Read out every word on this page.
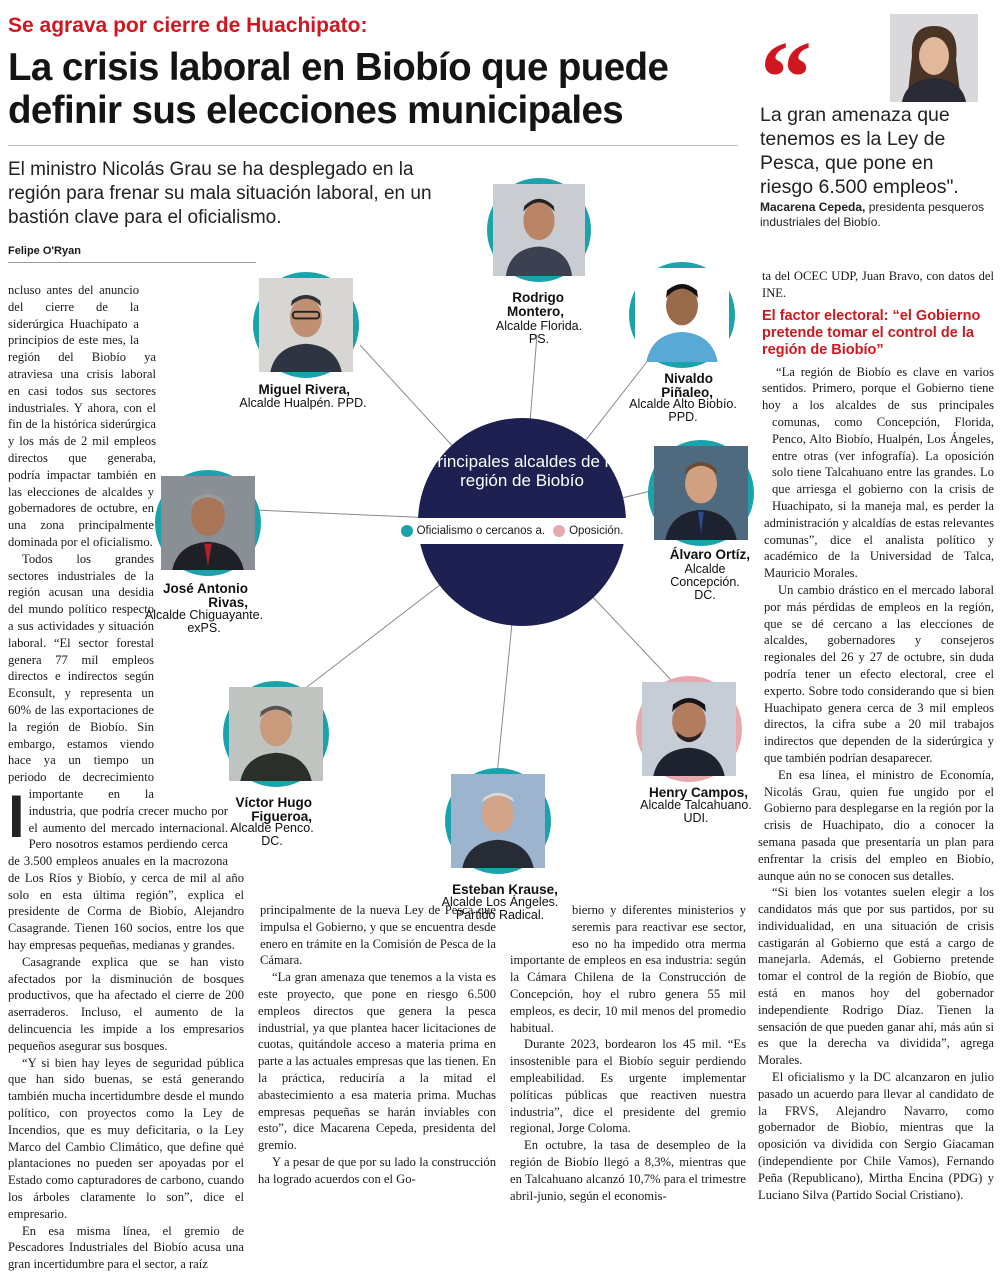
Se agrava por cierre de Huachipato:
La crisis laboral en Biobío que puede definir sus elecciones municipales
El ministro Nicolás Grau se ha desplegado en la región para frenar su mala situación laboral, en un bastión clave para el oficialismo.
Felipe O'Ryan
“
La gran amenaza que tenemos es la Ley de Pesca, que pone en riesgo 6.500 empleos".
Macarena Cepeda, presidenta pesqueros industriales del Biobío.

I
ncluso antes del anuncio del cierre de la siderúrgica Huachipato a principios de este mes, la región del Biobío ya atraviesa una crisis laboral en casi todos sus sectores industriales. Y ahora, con el fin de la histórica siderúrgica y los más de 2 mil empleos directos que generaba, podría impactar también en las elecciones de alcaldes y gobernadores de octubre, en una zona principalmente dominada por el oficialismo.

Todos los grandes sectores industriales de la región acusan una desidia del mundo político respecto a sus actividades y situación laboral. “El sector forestal genera 77 mil empleos directos e indirectos según Econsult, y representa un 60% de las exportaciones de la región de Biobío. Sin embargo, estamos viendo hace ya un tiempo un periodo de decrecimiento importante en la industria, que podría crecer mucho por el aumento del mercado internacional. Pero nosotros estamos perdiendo cerca de 3.500 empleos anuales en la macrozona de Los Ríos y Biobío, y cerca de mil al año solo en esta última región”, explica el presidente de Corma de Biobío, Alejandro Casagrande. Tienen 160 socios, entre los que hay empresas pequeñas, medianas y grandes.

Casagrande explica que se han visto afectados por la disminución de bosques productivos, que ha afectado el cierre de 200 aserraderos. Incluso, el aumento de la delincuencia les impide a los empresarios pequeños asegurar sus bosques.

“Y si bien hay leyes de seguridad pública que han sido buenas, se está generando también mucha incertidumbre desde el mundo político, con proyectos como la Ley de Incendios, que es muy deficitaria, o la Ley Marco del Cambio Climático, que define qué plantaciones no pueden ser apoyadas por el Estado como capturadores de carbono, cuando los árboles claramente lo son”, dice el empresario.

En esa misma línea, el gremio de Pescadores Industriales del Biobío acusa una gran incertidumbre para el sector, a raíz

principalmente de la nueva Ley de Pesca que impulsa el Gobierno, y que se encuentra desde enero en trámite en la Comisión de Pesca de la Cámara.

“La gran amenaza que tenemos a la vista es este proyecto, que pone en riesgo 6.500 empleos directos que genera la pesca industrial, ya que plantea hacer licitaciones de cuotas, quitándole acceso a materia prima en parte a las actuales empresas que las tienen. En la práctica, reduciría a la mitad el abastecimiento a esa materia prima. Muchas empresas pequeñas se harán inviables con esto”, dice Macarena Cepeda, presidenta del gremio.

Y a pesar de que por su lado la construcción ha logrado acuerdos con el Go-

bierno y diferentes ministerios y seremis para reactivar ese sector, eso no ha impedido otra merma importante de empleos en esa industria: según la Cámara Chilena de la Construcción de Concepción, hoy el rubro genera 55 mil empleos, es decir, 10 mil menos del promedio habitual.

Durante 2023, bordearon los 45 mil. “Es insostenible para el Biobío seguir perdiendo empleabilidad. Es urgente implementar políticas públicas que reactiven nuestra industria”, dice el presidente del gremio regional, Jorge Coloma.

En octubre, la tasa de desempleo de la región de Biobío llegó a 8,3%, mientras que en Talcahuano alcanzó 10,7% para el trimestre abril-junio, según el economis-

ta del OCEC UDP, Juan Bravo, con datos del INE.

El factor electoral: “el Gobierno pretende tomar el control de la región de Biobío”

“La región de Biobío es clave en varios sentidos. Primero, porque el Gobierno tiene hoy a los alcaldes de sus principales comunas, como Concepción, Florida, Penco, Alto Biobío, Hualpén, Los Ángeles, entre otras (ver infografía). La oposición solo tiene Talcahuano entre las grandes. Lo que arriesga el gobierno con la crisis de Huachipato, si la maneja mal, es perder la administración y alcaldías de estas relevantes comunas”, dice el analista político y académico de la Universidad de Talca, Mauricio Morales.

Un cambio drástico en el mercado laboral por más pérdidas de empleos en la región, que se dé cercano a las elecciones de alcaldes, gobernadores y consejeros regionales del 26 y 27 de octubre, sin duda podría tener un efecto electoral, cree el experto. Sobre todo considerando que si bien Huachipato genera cerca de 3 mil empleos directos, la cifra sube a 20 mil trabajos indirectos que dependen de la siderúrgica y que también podrían desaparecer.

En esa línea, el ministro de Economía, Nicolás Grau, quien fue ungido por el Gobierno para desplegarse en la región por la crisis de Huachipato, dio a conocer la semana pasada que presentaría un plan para enfrentar la crisis del empleo en Biobío, aunque aún no se conocen sus detalles.

“Si bien los votantes suelen elegir a los candidatos más que por sus partidos, por su individualidad, en una situación de crisis castigarán al Gobierno que está a cargo de manejarla. Además, el Gobierno pretende tomar el control de la región de Biobío, que está en manos hoy del gobernador independiente Rodrigo Díaz. Tienen la sensación de que pueden ganar ahí, más aún si es que la derecha va dividida”, agrega Morales.

El oficialismo y la DC alcanzaron en julio pasado un acuerdo para llevar al candidato de la FRVS, Alejandro Navarro, como gobernador de Biobío, mientras que la oposición va dividida con Sergio Giacaman (independiente por Chile Vamos), Fernando Peña (Republicano), Mirtha Encina (PDG) y Luciano Silva (Partido Social Cristiano).

Principales alcaldes de la región de Biobío
Oficialismo o cercanos a.	Oposición.
Rodrigo Montero,
Alcalde Florida. PS.
Miguel Rivera,
Alcalde Hualpén. PPD.
Nivaldo Piñaleo,
Alcalde Alto Biobío. PPD.
José Antonio Rivas,
Alcalde Chiguayante. exPS.
Álvaro Ortíz,
Alcalde Concepción. DC.
Víctor Hugo Figueroa,
Alcalde Penco. DC.
Henry Campos,
Alcalde Talcahuano. UDI.
Esteban Krause,
Alcalde Los Ángeles. Partido Radical.
